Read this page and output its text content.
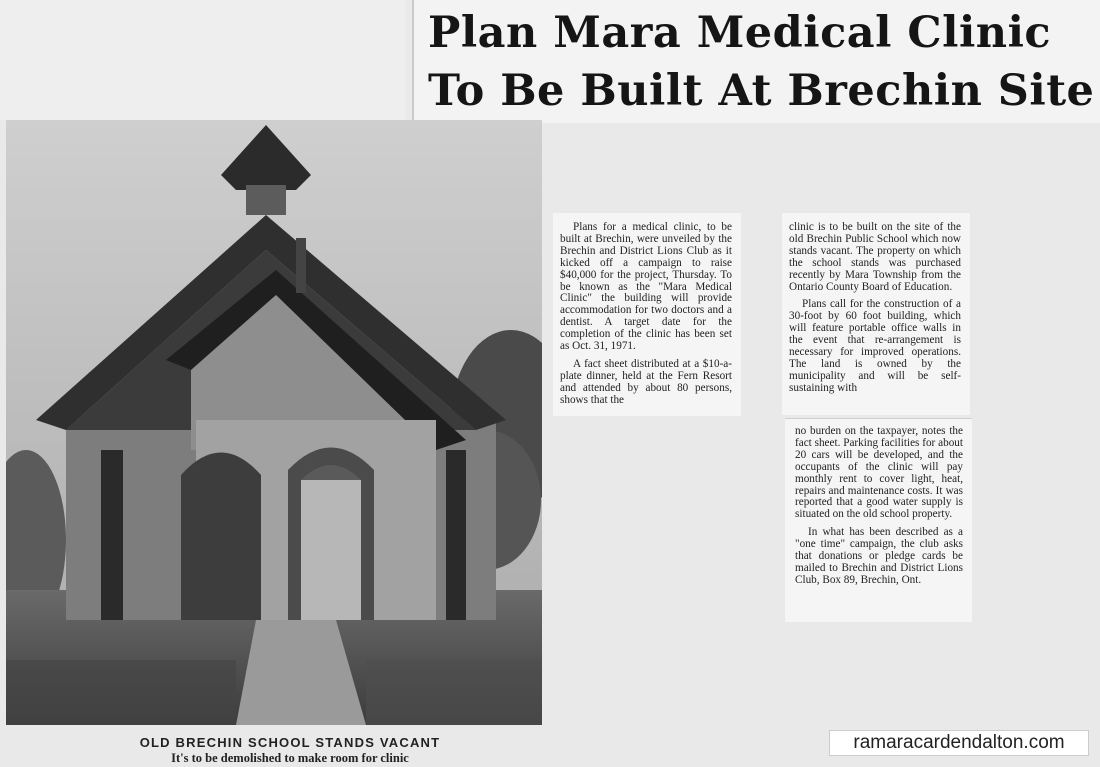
Plan Mara Medical Clinic
To Be Built At Brechin Site
OLD BRECHIN SCHOOL STANDS VACANT
It's to be demolished to make room for clinic

Plans for a medical clinic, to be built at Brechin, were unveiled by the Brechin and District Lions Club as it kicked off a campaign to raise $40,000 for the project, Thursday. To be known as the "Mara Medical Clinic" the building will provide accommodation for two doctors and a dentist. A target date for the completion of the clinic has been set as Oct. 31, 1971.

A fact sheet distributed at a $10-a-plate dinner, held at the Fern Resort and attended by about 80 persons, shows that the

clinic is to be built on the site of the old Brechin Public School which now stands vacant. The property on which the school stands was purchased recently by Mara Township from the Ontario County Board of Education.

Plans call for the construction of a 30-foot by 60 foot building, which will feature portable office walls in the event that re-arrangement is necessary for improved operations. The land is owned by the municipality and will be self-sustaining with

no burden on the taxpayer, notes the fact sheet. Parking facilities for about 20 cars will be developed, and the occupants of the clinic will pay monthly rent to cover light, heat, repairs and maintenance costs. It was reported that a good water supply is situated on the old school property.

In what has been described as a "one time" campaign, the club asks that donations or pledge cards be mailed to Brechin and District Lions Club, Box 89, Brechin, Ont.

ramaracardendalton.com
